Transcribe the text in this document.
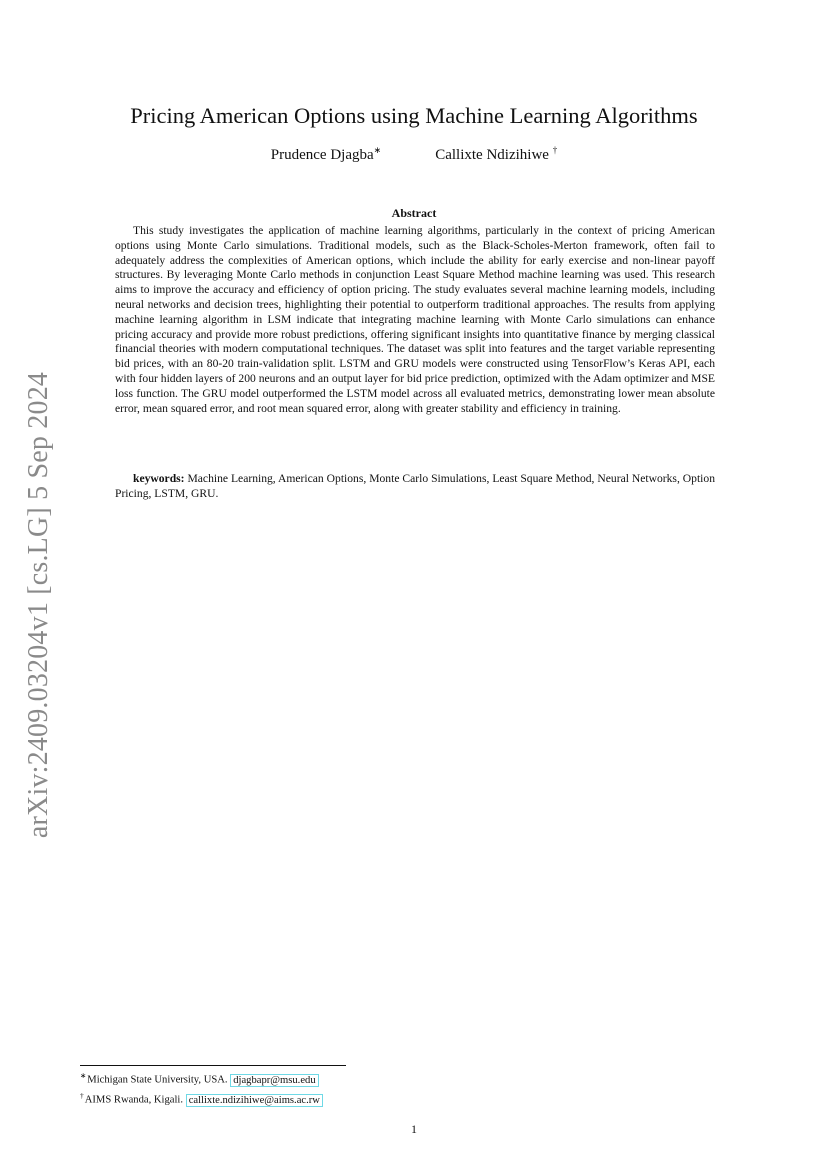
arXiv:2409.03204v1 [cs.LG] 5 Sep 2024
Pricing American Options using Machine Learning Algorithms
Prudence Djagba∗	Callixte Ndizihiwe †
Abstract

This study investigates the application of machine learning algorithms, particularly in the context of pricing American options using Monte Carlo simulations. Traditional models, such as the Black-Scholes-Merton framework, often fail to adequately address the complexities of American options, which include the ability for early exercise and non-linear payoff structures. By leveraging Monte Carlo methods in conjunction Least Square Method machine learning was used. This research aims to improve the accuracy and efficiency of option pricing. The study evaluates several machine learning models, including neural networks and decision trees, highlighting their potential to outperform traditional approaches. The results from applying machine learning algorithm in LSM indicate that integrating machine learning with Monte Carlo simulations can enhance pricing accuracy and provide more robust predictions, offering significant insights into quantitative finance by merging classical financial theories with modern computational techniques. The dataset was split into features and the target variable representing bid prices, with an 80-20 train-validation split. LSTM and GRU models were constructed using TensorFlow’s Keras API, each with four hidden layers of 200 neurons and an output layer for bid price prediction, optimized with the Adam optimizer and MSE loss function. The GRU model outperformed the LSTM model across all evaluated metrics, demonstrating lower mean absolute error, mean squared error, and root mean squared error, along with greater stability and efficiency in training.

keywords: Machine Learning, American Options, Monte Carlo Simulations, Least Square Method, Neural Networks, Option Pricing, LSTM, GRU.

∗Michigan State University, USA. djagbapr@msu.edu
†AIMS Rwanda, Kigali. callixte.ndizihiwe@aims.ac.rw
1
